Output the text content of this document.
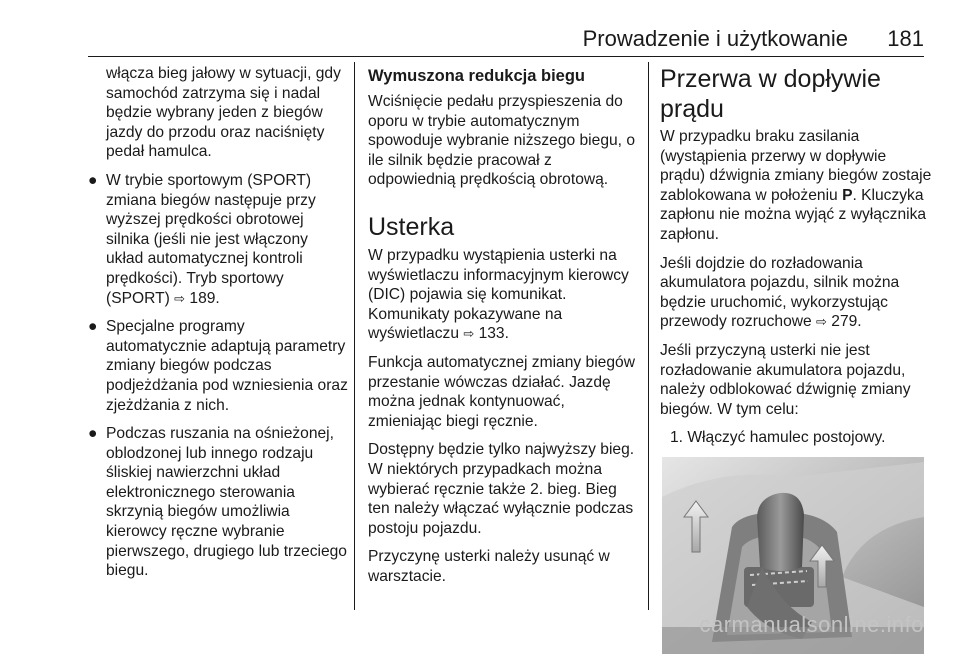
Prowadzenie i użytkowanie 181

włącza bieg jałowy w sytuacji, gdy samochód zatrzyma się i nadal będzie wybrany jeden z biegów jazdy do przodu oraz naciśnięty pedał hamulca.

● W trybie sportowym (SPORT) zmiana biegów następuje przy wyższej prędkości obrotowej silnika (jeśli nie jest włączony układ automatycznej kontroli prędkości). Tryb sportowy (SPORT) ⇨ 189.
● Specjalne programy automatycznie adaptują parametry zmiany biegów podczas podjeżdżania pod wzniesienia oraz zjeżdżania z nich.
● Podczas ruszania na ośnieżonej, oblodzonej lub innego rodzaju śliskiej nawierzchni układ elektronicznego sterowania skrzynią biegów umożliwia kierowcy ręczne wybranie pierwszego, drugiego lub trzeciego biegu.
Wymuszona redukcja biegu

Wciśnięcie pedału przyspieszenia do oporu w trybie automatycznym spowoduje wybranie niższego biegu, o ile silnik będzie pracował z odpowiednią prędkością obrotową.

Usterka

W przypadku wystąpienia usterki na wyświetlaczu informacyjnym kierowcy (DIC) pojawia się komunikat. Komunikaty pokazywane na wyświetlaczu ⇨ 133.

Funkcja automatycznej zmiany biegów przestanie wówczas działać. Jazdę można jednak kontynuować, zmieniając biegi ręcznie.

Dostępny będzie tylko najwyższy bieg. W niektórych przypadkach można wybierać ręcznie także 2. bieg. Bieg ten należy włączać wyłącznie podczas postoju pojazdu.

Przyczynę usterki należy usunąć w warsztacie.

Przerwa w dopływie prądu

W przypadku braku zasilania (wystąpienia przerwy w dopływie prądu) dźwignia zmiany biegów zostaje zablokowana w położeniu P. Kluczyka zapłonu nie można wyjąć z wyłącznika zapłonu.

Jeśli dojdzie do rozładowania akumulatora pojazdu, silnik można będzie uruchomić, wykorzystując przewody rozruchowe ⇨ 279.

Jeśli przyczyną usterki nie jest rozładowanie akumulatora pojazdu, należy odblokować dźwignię zmiany biegów. W tym celu:

1. Włączyć hamulec postojowy.

carmanualsonline.info
